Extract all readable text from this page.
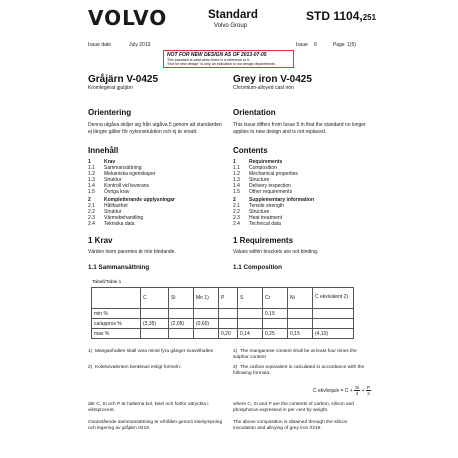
VOLVO	Standard
Volvo Group
STD 1104,251
Issue date	July 2013	Issue 6	Page 1(5)
NOT FOR NEW DESIGN AS OF 2013-07-05
This standard is valid when there is a reference to it.
"Not for new design" is only an indication to our design departments.
Gråjärn V-0425
Kromlegerat gjutjärn
Grey iron V-0425
Chromium-alloyed cast iron
Orientering
Denna utgåva skiljer sig från utgåva 5 genom att standarden ej längre gäller för nykonstruktion och ej är ersatt.
Orientation
This issue differs from Issue 5 in that the standard no longer applies to new design and is not replaced.
Innehåll
1	Krav
1.1 Sammansättning
1.2 Mekaniska egenskaper
1.3 Struktur
1.4 Kontroll vid leverans
1.5 Övriga krav
2	Kompletterande upplysningar
2.1 Hållfasthet
2.2 Struktur
2.3 Värmebehandling
2.4 Tekniska data
Contents
1	Requirements
1.1 Composition
1.2 Mechanical properties
1.3 Structure
1.4 Delivery inspection
1.5 Other requirements
2	Supplementary information
2.1 Tensile strength
2.2 Structure
2.3 Heat treatment
2.4 Technical data
1 Krav
Värden inom parentes är inte bindande.
1 Requirements
Values within brackets are not binding.
1.1 Sammansättning	1.1 Composition
Tabell/Table 1
	C	Si	Mn 1)	P	S	Cr	Ni	C ekvivalent 2)
min %						0,15		
ca/approx %	(3,35)	(2,05)	(0,60)					
max %				0,20	0,14	0,25	0,15	(4,10)
1)  Manganhalten skall vara minst fyra gånger svavelhalten
2)  Kolekvivalenten beräknas enligt formeln:
där C, Si och P är halterna kol, kisel och fosfor uttryckta i viktsprocent.
Ovanstående sammansättning är erhållen genom kiselympning och legering av gråjärn 0219.
1)  The manganese content shall be at least four times the sulphur content
2)  The carbon equivalent is calculated in accordance with the following formula:
C ekv/equiv = $C + \frac{Si}{4} + \frac{P}{2}$
where C, Si and P are the contents of carbon, silicon and phosphorus expressed in per cent by weight.
The above composition is obtained through the silicon inoculation and alloying of grey iron 0219.
